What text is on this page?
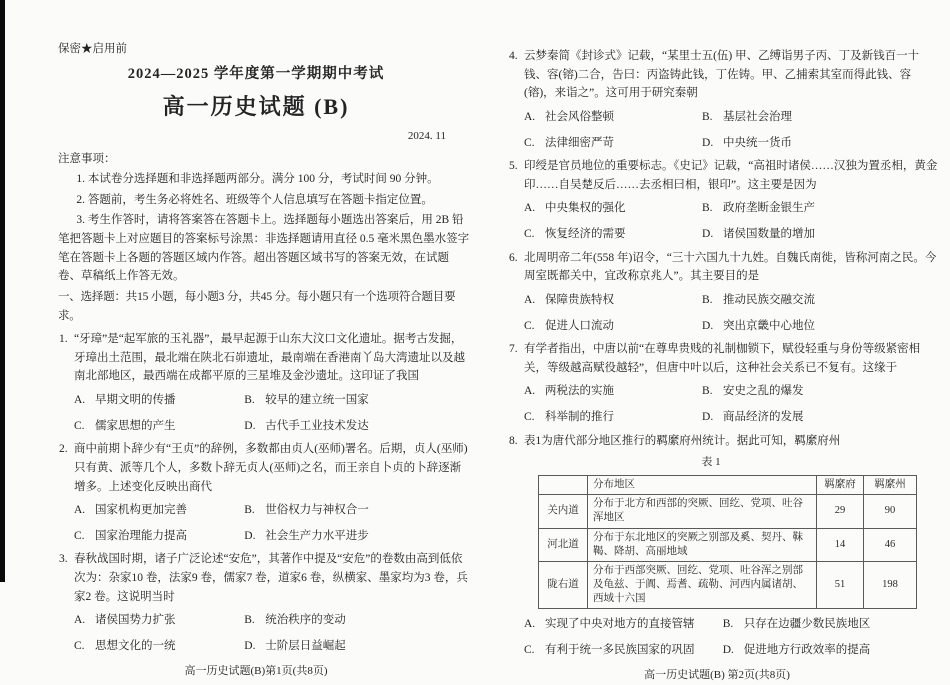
保密★启用前
2024—2025 学年度第一学期期中考试
高一历史试题 (B)
2024. 11
注意事项：
1. 本试卷分选择题和非选择题两部分。满分 100 分，考试时间 90 分钟。
2. 答题前，考生务必将姓名、班级等个人信息填写在答题卡指定位置。
3. 考生作答时，请将答案答在答题卡上。选择题每小题选出答案后，用 2B 铅笔把答题卡上对应题目的答案标号涂黑：非选择题请用直径 0.5 毫米黑色墨水签字笔在答题卡上各题的答题区域内作答。超出答题区域书写的答案无效，在试题卷、草稿纸上作答无效。
一、选择题：共15 小题，每小题3 分，共45 分。每小题只有一个选项符合题目要求。
1. “牙璋”是“起军旅的玉礼器”，最早起源于山东大汶口文化遗址。据考古发掘，牙璋出土范围，最北端在陕北石峁遗址，最南端在香港南丫岛大湾遗址以及越南北部地区，最西端在成都平原的三星堆及金沙遗址。这印证了我国
A. 早期文明的传播	B. 较早的建立统一国家
C. 儒家思想的产生	D. 古代手工业技术发达
2. 商中前期卜辞少有“王贞”的辞例，多数都由贞人(巫师)署名。后期，贞人(巫师)只有黄、派等几个人，多数卜辞无贞人(巫师)之名，而王亲自卜贞的卜辞逐渐增多。上述变化反映出商代
A. 国家机构更加完善	B. 世俗权力与神权合一
C. 国家治理能力提高	D. 社会生产力水平进步
3. 春秋战国时期，诸子广泛论述“安危”，其著作中提及“安危”的卷数由高到低依次为：杂家10 卷，法家9 卷，儒家7 卷，道家6 卷，纵横家、墨家均为3 卷，兵家2 卷。这说明当时
A. 诸侯国势力扩张	B. 统治秩序的变动
C. 思想文化的一统	D. 士阶层日益崛起
高一历史试题(B)第1页(共8页)
4. 云梦秦简《封诊式》记载，“某里士五(伍) 甲、乙缚诣男子丙、丁及新钱百一十钱、容(镕)二合，告曰：丙盗铸此钱，丁佐铸。甲、乙捕索其室而得此钱、容(镕)，来诣之”。这可用于研究秦朝
A. 社会风俗整顿	B. 基层社会治理
C. 法律细密严苛	D. 中央统一货币
5. 印绶是官员地位的重要标志。《史记》记载，“高祖时诸侯……汉独为置丞相，黄金印……自吴楚反后……去丞相曰相，银印”。这主要是因为
A. 中央集权的强化	B. 政府垄断金银生产
C. 恢复经济的需要	D. 诸侯国数量的增加
6. 北周明帝二年(558 年)诏令，“三十六国九十九姓。自魏氏南徙，皆称河南之民。今周室既都关中，宜改称京兆人”。其主要目的是
A. 保障贵族特权	B. 推动民族交融交流
C. 促进人口流动	D. 突出京畿中心地位
7. 有学者指出，中唐以前“在尊卑贵贱的礼制枷锁下，赋役轻重与身份等级紧密相关，等级越高赋役越轻”，但唐中叶以后，这种社会关系已不复有。这缘于
A. 两税法的实施	B. 安史之乱的爆发
C. 科举制的推行	D. 商品经济的发展
8. 表1为唐代部分地区推行的羁縻府州统计。据此可知，羁縻府州
表 1
	分布地区	羁縻府	羁縻州
关内道	分布于北方和西部的突厥、回纥、党项、吐谷浑地区	29	90
河北道	分布于东北地区的突厥之别部及奚、契丹、靺鞨、降胡、高丽地域	14	46
陇右道	分布于西部突厥、回纥、党项、吐谷浑之别部及龟兹、于阗、焉耆、疏勒、河西内属诸胡、西域十六国	51	198
A. 实现了中央对地方的直接管辖 B. 只存在边疆少数民族地区
C. 有利于统一多民族国家的巩固 D. 促进地方行政效率的提高
高一历史试题(B) 第2页(共8页)
